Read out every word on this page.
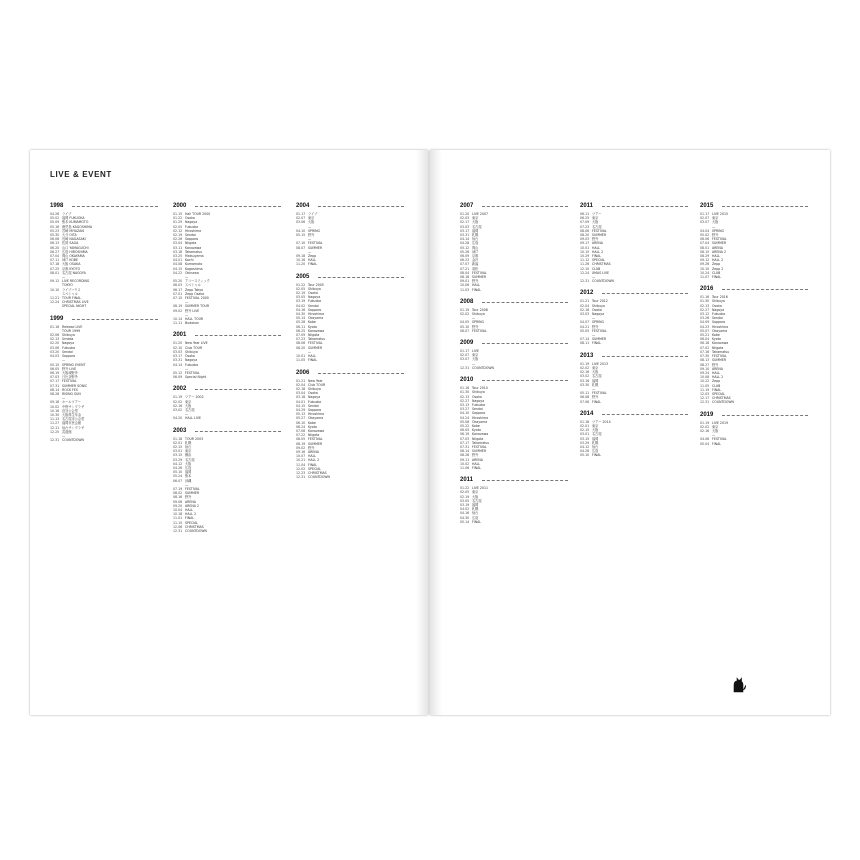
LIVE & EVENT
1998
04.26 ライブ
05.02 福岡 FUKUOKA
05.09 熊本 KUMAMOTO
05.16 鹿児島 KAGOSHIMA
05.23 宮崎 MIYAZAKI
05.30 大分 OITA
06.06 長崎 NAGASAKI
06.13 佐賀 SAGA
06.20 山口 YAMAGUCHI
06.27 広島 HIROSHIMA
07.04 岡山 OKAYAMA
07.11 神戸 KOBE
07.18 大阪 OSAKA
07.25 京都 KYOTO
08.01 名古屋 NAGOYA
—
09.12 LIVE RECORDING
TOKYO
10.10 ライブハウス
スペシャル
11.21 TOUR FINAL
12.24 CHRISTMAS LIVE
SPECIAL NIGHT
1999
01.16 Release LIVE
TOUR 1999
02.06 Shibuya
02.13 Umeda
02.20 Nagoya
03.06 Fukuoka
03.20 Sendai
04.03 Sapporo
—
05.15 SPRING EVENT
06.05 野外 LIVE
06.19 大阪城野外
07.03 日比谷野外
07.17 FESTIVAL
07.31 SUMMER SONIC
08.14 ROCK FES
08.28 RISING SUN
—
09.18 ホールツアー
10.02 中野サンプラザ
10.16 渋谷公会堂
10.30 大阪厚生年金
11.13 名古屋市公会堂
11.27 福岡市民会館
12.11 仙台サンプラザ
12.25 武道館
—
12.31 COUNTDOWN
2000
01.15 Hall TOUR 2000
01.22 Osaka
01.29 Nagoya
02.05 Fukuoka
02.12 Hiroshima
02.19 Sendai
02.26 Sapporo
03.04 Niigata
03.11 Kanazawa
03.18 Takamatsu
03.25 Matsuyama
04.01 Kochi
04.08 Kumamoto
04.15 Kagoshima
04.22 Okinawa
—
05.20 アコースティック
06.03 スペシャル
06.17 Zepp Tokyo
07.01 Zepp Osaka
07.15 FESTIVAL 2000
—
08.19 SUMMER TOUR
09.02 野外 LIVE
—
10.14 HALL TOUR
11.11 Budokan
2001
01.20 New Year LIVE
02.10 Club TOUR
03.03 Shibuya
03.17 Osaka
03.31 Nagoya
04.14 Fukuoka
—
05.12 FESTIVAL
06.09 Special Night
2002
01.19 ツアー 2002
02.02 東京
02.16 大阪
03.02 名古屋
—
04.20 HALL LIVE
2003
01.18 TOUR 2003
02.01 札幌
02.15 仙台
03.01 東京
03.15 横浜
03.29 名古屋
04.12 大阪
04.26 広島
05.10 福岡
05.24 熊本
06.07 沖縄
—
07.19 FESTIVAL
08.02 SUMMER
08.16 野外
09.06 ARENA
09.20 ARENA 2
10.04 HALL
10.18 HALL 2
11.01 FINAL
11.15 SPECIAL
12.06 CHRISTMAS
12.31 COUNTDOWN
2004
01.17 ライブ
02.07 東京
03.06 大阪
—
04.10 SPRING
05.15 野外
—
07.10 FESTIVAL
08.07 SUMMER
—
09.18 Zepp
10.16 HALL
11.20 FINAL
2005
01.22 Tour 2005
02.05 Shibuya
02.19 Osaka
03.05 Nagoya
03.19 Fukuoka
04.02 Sendai
04.16 Sapporo
04.30 Hiroshima
05.14 Okayama
05.28 Kobe
06.11 Kyoto
06.25 Kanazawa
07.09 Niigata
07.23 Takamatsu
08.06 FESTIVAL
08.20 SUMMER
—
10.01 HALL
11.05 FINAL
2006
01.21 New Year
02.04 Club TOUR
02.18 Shibuya
03.04 Osaka
03.18 Nagoya
04.01 Fukuoka
04.15 Sendai
04.29 Sapporo
05.13 Hiroshima
05.27 Okayama
06.10 Kobe
06.24 Kyoto
07.08 Kanazawa
07.22 Niigata
08.05 FESTIVAL
08.19 SUMMER
09.02 野外
09.16 ARENA
10.07 HALL
10.21 HALL 2
11.04 FINAL
12.02 SPECIAL
12.23 CHRISTMAS
12.31 COUNTDOWN
2007
01.20 LIVE 2007
02.03 東京
02.17 大阪
03.03 名古屋
03.17 福岡
03.31 札幌
04.14 仙台
04.28 広島
05.12 岡山
05.26 神戸
06.09 京都
06.23 金沢
07.07 新潟
07.21 高松
08.04 FESTIVAL
08.18 SUMMER
09.01 野外
10.06 HALL
11.03 FINAL
2008
01.19 Tour 2008
02.02 Shibuya
—
04.05 SPRING
05.10 野外
06.07 FESTIVAL
2009
01.17 LIVE
02.07 東京
03.07 大阪
—
12.31 COUNTDOWN
2010
01.16 Tour 2010
01.30 Shibuya
02.13 Osaka
02.27 Nagoya
03.13 Fukuoka
03.27 Sendai
04.10 Sapporo
04.24 Hiroshima
05.08 Okayama
05.22 Kobe
06.05 Kyoto
06.19 Kanazawa
07.03 Niigata
07.17 Takamatsu
07.31 FESTIVAL
08.14 SUMMER
08.28 野外
09.11 ARENA
10.02 HALL
11.06 FINAL
2011
01.22 LIVE 2011
02.05 東京
02.19 大阪
03.05 名古屋
03.19 福岡
04.02 札幌
04.16 仙台
04.30 広島
05.14 FINAL
2011
06.11 ツアー
06.25 東京
07.09 大阪
07.23 名古屋
08.06 FESTIVAL
08.20 SUMMER
09.03 野外
09.17 ARENA
10.01 HALL
10.15 HALL 2
10.29 FINAL
11.12 SPECIAL
11.26 CHRISTMAS
12.10 CLUB
12.24 XMAS LIVE
—
12.31 COUNTDOWN
2012
01.21 Tour 2012
02.04 Shibuya
02.18 Osaka
03.03 Nagoya
—
04.07 SPRING
04.21 野外
05.05 FESTIVAL
—
07.14 SUMMER
08.11 FINAL
2013
01.19 LIVE 2013
02.02 東京
02.16 大阪
03.02 名古屋
03.16 福岡
03.30 札幌
—
05.11 FESTIVAL
06.08 野外
07.06 FINAL
2014
01.18 ツアー 2014
02.01 東京
02.15 大阪
03.01 名古屋
03.15 福岡
03.29 札幌
04.12 仙台
04.26 広島
05.10 FINAL
2015
01.17 LIVE 2015
02.07 東京
03.07 大阪
—
04.04 SPRING
05.02 野外
06.06 FESTIVAL
07.04 SUMMER
08.01 ARENA
08.15 ARENA 2
08.29 HALL
09.12 HALL 2
09.26 Zepp
10.10 Zepp 2
10.24 CLUB
11.07 FINAL
2016
01.16 Tour 2016
01.30 Shibuya
02.13 Osaka
02.27 Nagoya
03.12 Fukuoka
03.26 Sendai
04.09 Sapporo
04.23 Hiroshima
05.07 Okayama
05.21 Kobe
06.04 Kyoto
06.18 Kanazawa
07.02 Niigata
07.16 Takamatsu
07.30 FESTIVAL
08.13 SUMMER
08.27 野外
09.10 ARENA
09.24 HALL
10.08 HALL 2
10.22 Zepp
11.05 CLUB
11.19 FINAL
12.03 SPECIAL
12.17 CHRISTMAS
12.31 COUNTDOWN
2019
01.19 LIVE 2019
02.02 東京
02.16 大阪
—
04.06 FESTIVAL
05.04 FINAL
